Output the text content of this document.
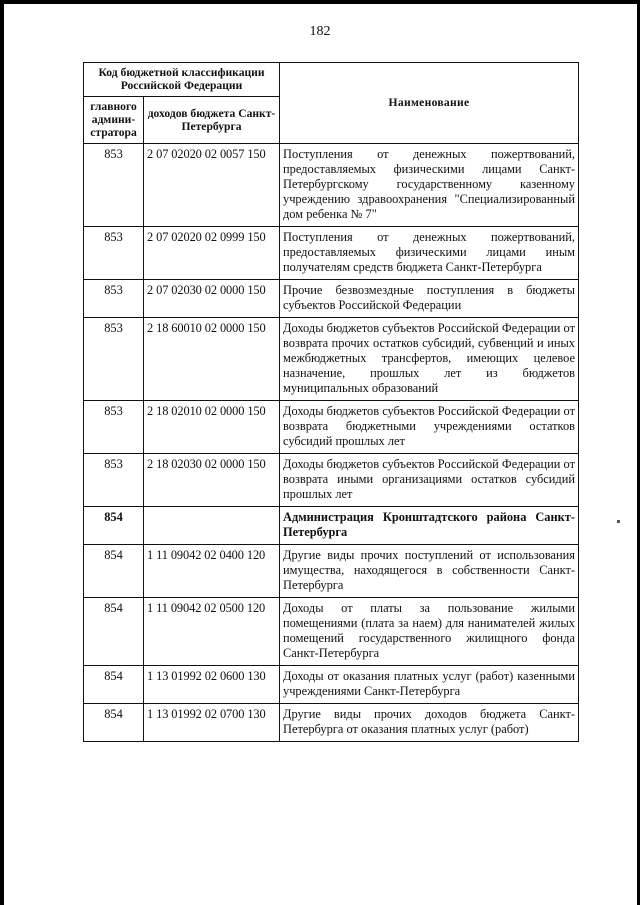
182
Код бюджетной классификации Российской Федерации		Наименование
главного админи-стратора	доходов бюджета Санкт-Петербурга	
853	2 07 02020 02 0057 150	Поступления от денежных пожертвований, предоставляемых физическими лицами Санкт-Петербургскому государственному казенному учреждению здравоохранения "Специализированный дом ребенка № 7"
853	2 07 02020 02 0999 150	Поступления от денежных пожертвований, предоставляемых физическими лицами иным получателям средств бюджета Санкт-Петербурга
853	2 07 02030 02 0000 150	Прочие безвозмездные поступления в бюджеты субъектов Российской Федерации
853	2 18 60010 02 0000 150	Доходы бюджетов субъектов Российской Федерации от возврата прочих остатков субсидий, субвенций и иных межбюджетных трансфертов, имеющих целевое назначение, прошлых лет из бюджетов муниципальных образований
853	2 18 02010 02 0000 150	Доходы бюджетов субъектов Российской Федерации от возврата бюджетными учреждениями остатков субсидий прошлых лет
853	2 18 02030 02 0000 150	Доходы бюджетов субъектов Российской Федерации от возврата иными организациями остатков субсидий прошлых лет
854		Администрация Кронштадтского района Санкт-Петербурга
854	1 11 09042 02 0400 120	Другие виды прочих поступлений от использования имущества, находящегося в собственности Санкт-Петербурга
854	1 11 09042 02 0500 120	Доходы от платы за пользование жилыми помещениями (плата за наем) для нанимателей жилых помещений государственного жилищного фонда Санкт-Петербурга
854	1 13 01992 02 0600 130	Доходы от оказания платных услуг (работ) казенными учреждениями Санкт-Петербурга
854	1 13 01992 02 0700 130	Другие виды прочих доходов бюджета Санкт-Петербурга от оказания платных услуг (работ)
